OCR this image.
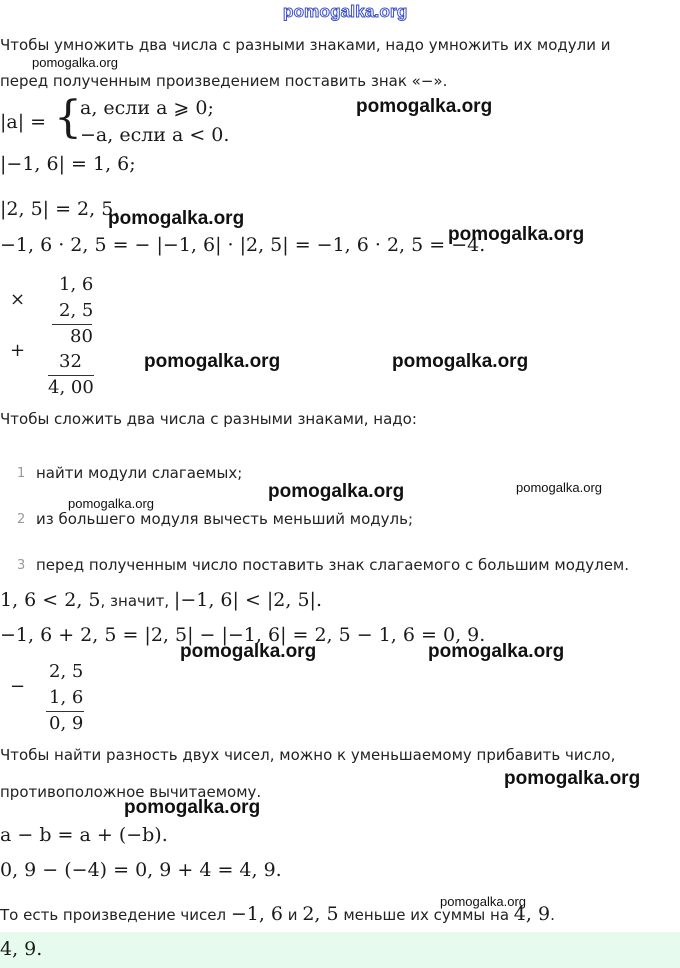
pomogalka.org
Чтобы умножить два числа с разными знаками, надо умножить их модули и
перед полученным произведением поставить знак «−».
pomogalka.org
|a| = {
a, если a ⩾ 0;
−a, если a < 0.
pomogalka.org
|−1, 6| = 1, 6;
|2, 5| = 2, 5.
pomogalka.org
−1, 6 · 2, 5 = − |−1, 6| · |2, 5| = −1, 6 · 2, 5 = −4.
pomogalka.org
×
1, 6
2, 5
80
+
32
4, 00
pomogalka.org	pomogalka.org
Чтобы сложить два числа с разными знаками, надо:
1 найти модули слагаемых;
pomogalka.org	pomogalka.org
pomogalka.org
2 из большего модуля вычесть меньший модуль;
3 перед полученным число поставить знак слагаемого с большим модулем.
1, 6 < 2, 5, значит, |−1, 6| < |2, 5|.
−1, 6 + 2, 5 = |2, 5| − |−1, 6| = 2, 5 − 1, 6 = 0, 9.
pomogalka.org	pomogalka.org
−
2, 5
1, 6
0, 9
Чтобы найти разность двух чисел, можно к уменьшаемому прибавить число,
pomogalka.org
противоположное вычитаемому.
pomogalka.org
a − b = a + (−b).
0, 9 − (−4) = 0, 9 + 4 = 4, 9.
pomogalka.org
То есть произведение чисел −1, 6 и 2, 5 меньше их суммы на 4, 9.
4, 9.
